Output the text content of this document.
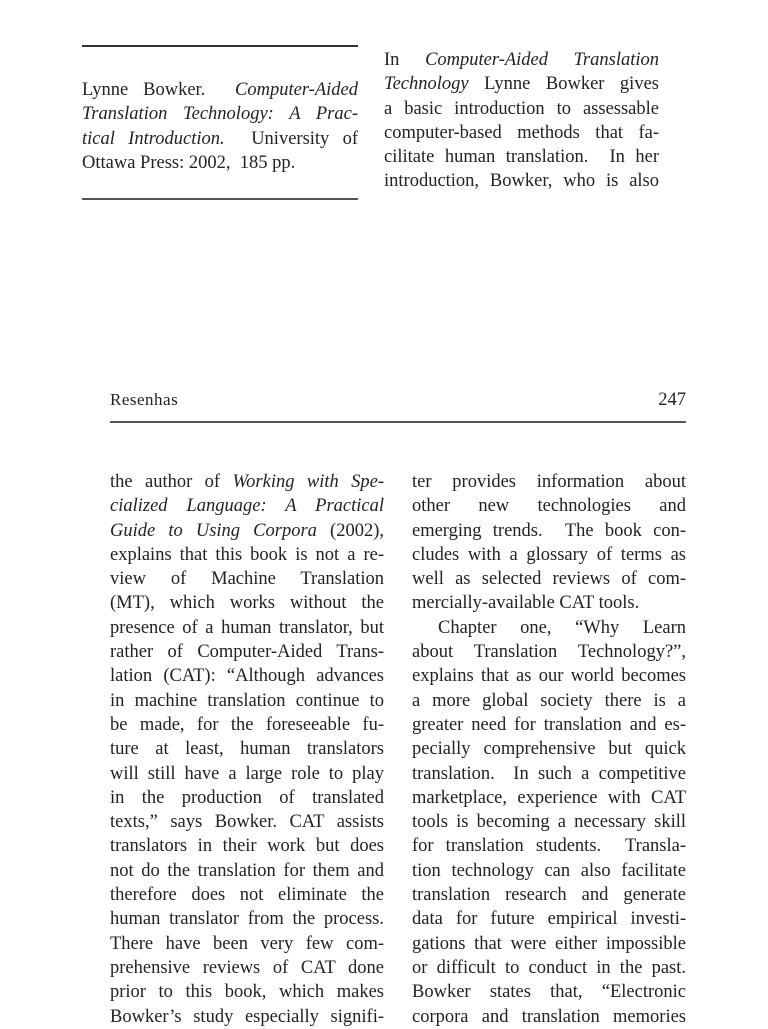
Lynne Bowker.  Computer-Aided
Translation Technology: A Prac-
tical Introduction.  University of
Ottawa Press: 2002,  185 pp.
In Computer-Aided Translation
Technology Lynne Bowker gives
a basic introduction to assessable
computer-based methods that fa-
cilitate human translation.  In her
introduction, Bowker, who is also
Resenhas	247
the author of Working with Spe-
cialized Language: A Practical
Guide to Using Corpora (2002),
explains that this book is not a re-
view of Machine Translation
(MT), which works without the
presence of a human translator, but
rather of Computer-Aided Trans-
lation (CAT): “Although advances
in machine translation continue to
be made, for the foreseeable fu-
ture at least, human translators
will still have a large role to play
in the production of translated
texts,” says Bowker. CAT assists
translators in their work but does
not do the translation for them and
therefore does not eliminate the
human translator from the process.
There have been very few com-
prehensive reviews of CAT done
prior to this book, which makes
Bowker’s study especially signifi-
ter provides information about
other new technologies and
emerging trends.  The book con-
cludes with a glossary of terms as
well as selected reviews of com-
mercially-available CAT tools.
Chapter one, “Why Learn
about Translation Technology?”,
explains that as our world becomes
a more global society there is a
greater need for translation and es-
pecially comprehensive but quick
translation.  In such a competitive
marketplace, experience with CAT
tools is becoming a necessary skill
for translation students.  Transla-
tion technology can also facilitate
translation research and generate
data for future empirical investi-
gations that were either impossible
or difficult to conduct in the past.
Bowker states that, “Electronic
corpora and translation memories
